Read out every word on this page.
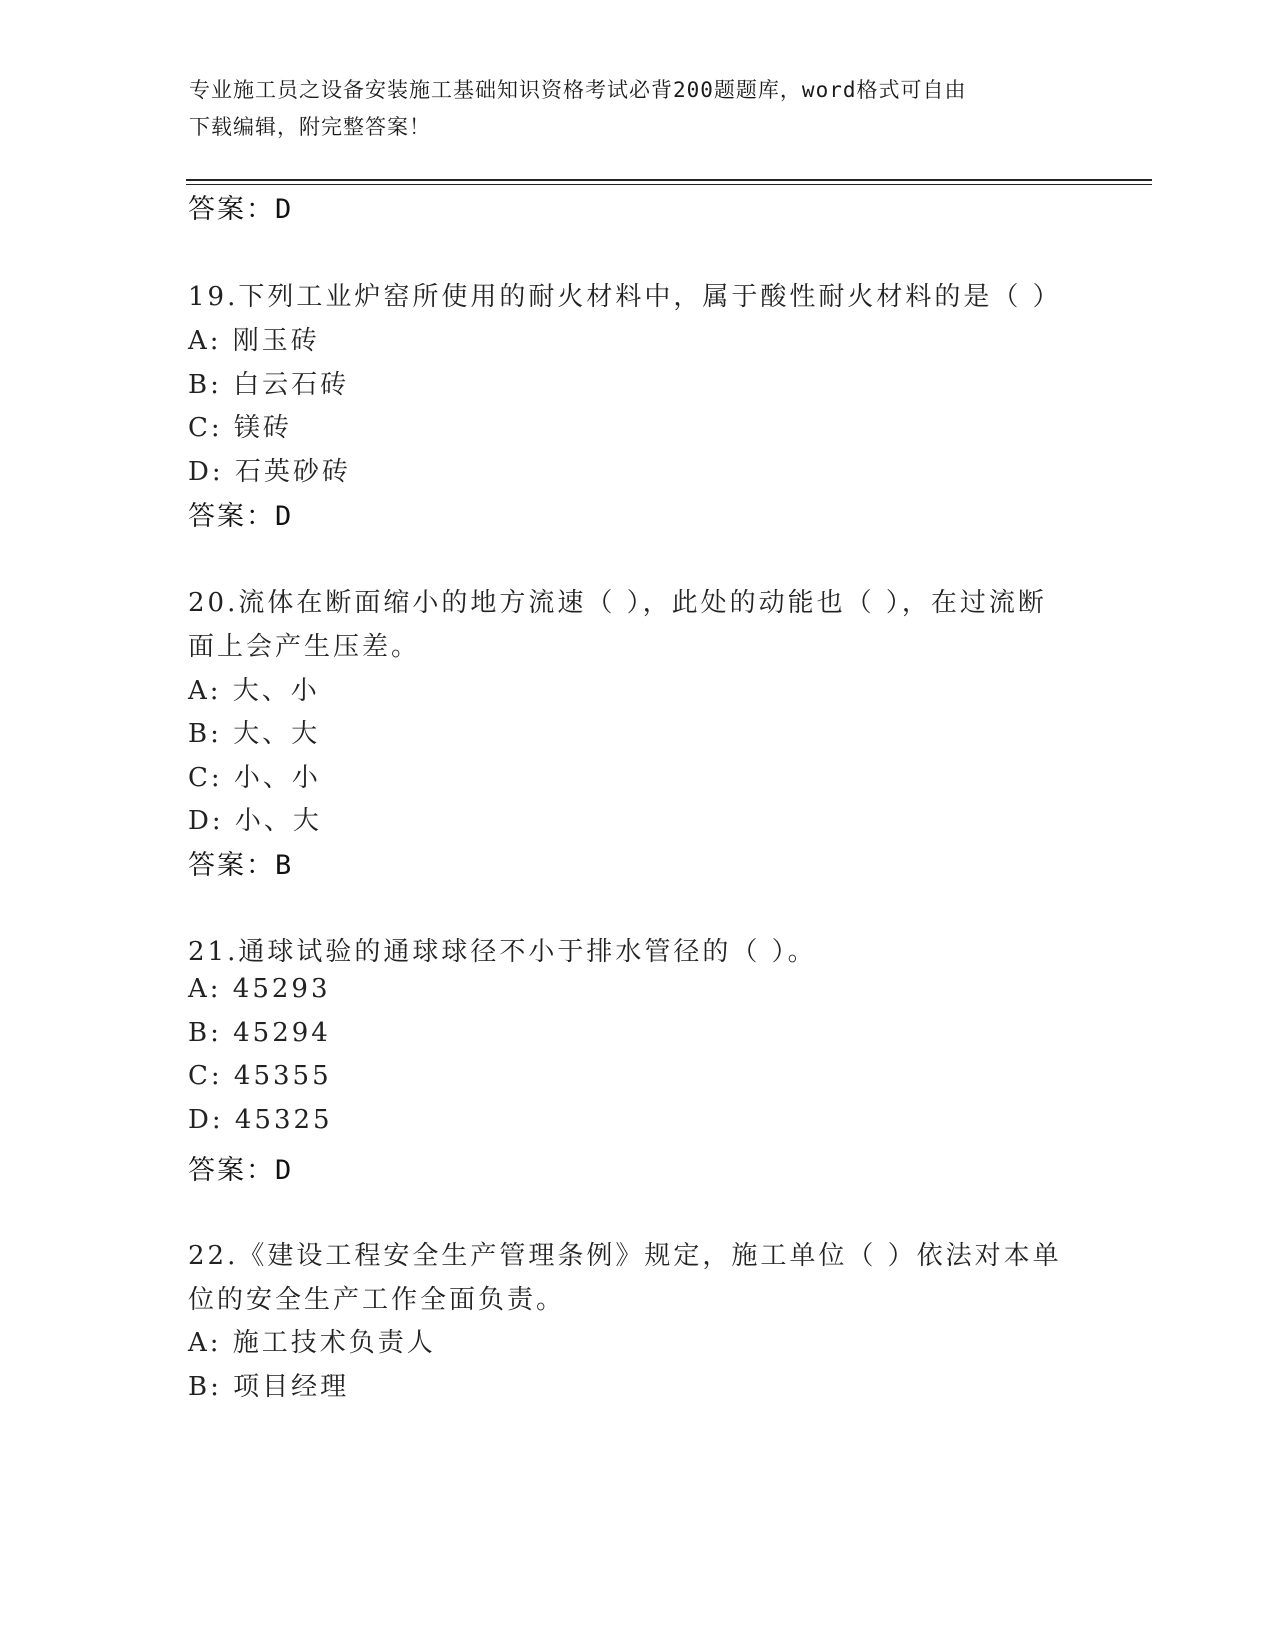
专业施工员之设备安装施工基础知识资格考试必背200题题库，word格式可自由
下载编辑，附完整答案！
答案：D
19.下列工业炉窑所使用的耐火材料中，属于酸性耐火材料的是（ ）
A: 刚玉砖
B: 白云石砖
C: 镁砖
D: 石英砂砖
答案：D
20.流体在断面缩小的地方流速（ ），此处的动能也（ ），在过流断
面上会产生压差。
A: 大、小
B: 大、大
C: 小、小
D: 小、大
答案：B
21.通球试验的通球球径不小于排水管径的（ ）。
A: 45293
B: 45294
C: 45355
D: 45325
答案：D
22.《建设工程安全生产管理条例》规定，施工单位（ ）依法对本单
位的安全生产工作全面负责。
A: 施工技术负责人
B: 项目经理
